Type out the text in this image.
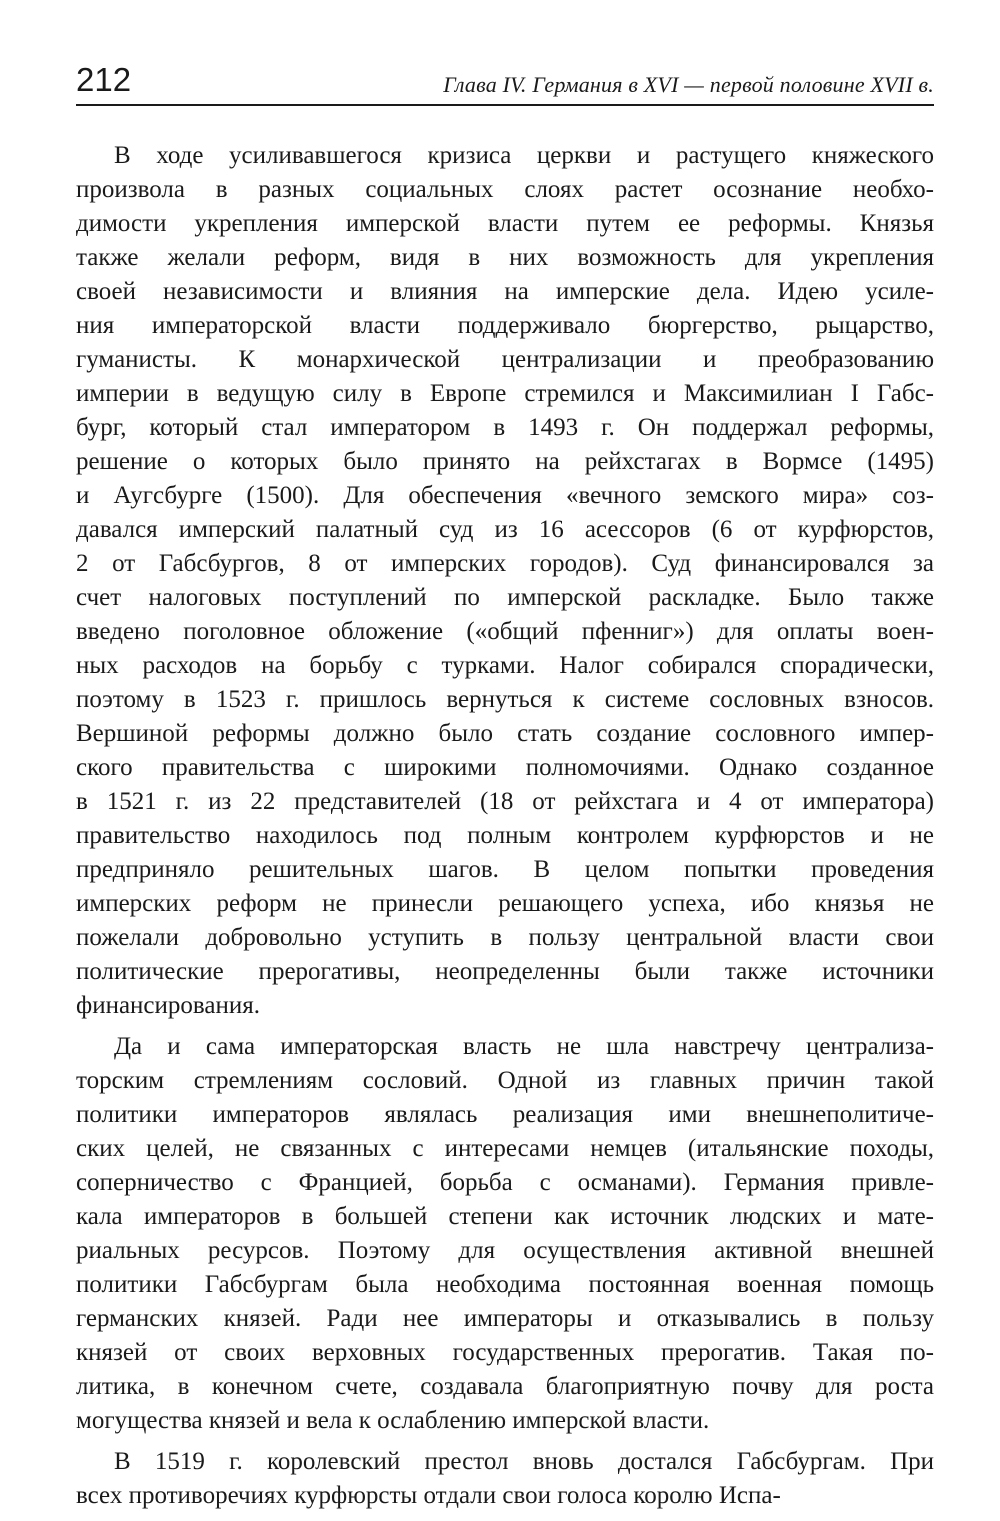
212	Глава IV. Германия в XVI — первой половине XVII в.
В ходе усиливавшегося кризиса церкви и растущего княжеского
произвола в разных социальных слоях растет осознание необхо-
димости укрепления имперской власти путем ее реформы. Князья
также желали реформ, видя в них возможность для укрепления
своей независимости и влияния на имперские дела. Идею усиле-
ния императорской власти поддерживало бюргерство, рыцарство,
гуманисты. К монархической централизации и преобразованию
империи в ведущую силу в Европе стремился и Максимилиан I Габс-
бург, который стал императором в 1493 г. Он поддержал реформы,
решение о которых было принято на рейхстагах в Вормсе (1495)
и Аугсбурге (1500). Для обеспечения «вечного земского мира» соз-
давался имперский палатный суд из 16 асессоров (6 от курфюрстов,
2 от Габсбургов, 8 от имперских городов). Суд финансировался за
счет налоговых поступлений по имперской раскладке. Было также
введено поголовное обложение («общий пфенниг») для оплаты воен-
ных расходов на борьбу с турками. Налог собирался спорадически,
поэтому в 1523 г. пришлось вернуться к системе сословных взносов.
Вершиной реформы должно было стать создание сословного импер-
ского правительства с широкими полномочиями. Однако созданное
в 1521 г. из 22 представителей (18 от рейхстага и 4 от императора)
правительство находилось под полным контролем курфюрстов и не
предприняло решительных шагов. В целом попытки проведения
имперских реформ не принесли решающего успеха, ибо князья не
пожелали добровольно уступить в пользу центральной власти свои
политические прерогативы, неопределенны были также источники
финансирования.
Да и сама императорская власть не шла навстречу централиза-
торским стремлениям сословий. Одной из главных причин такой
политики императоров являлась реализация ими внешнеполитиче-
ских целей, не связанных с интересами немцев (итальянские походы,
соперничество с Францией, борьба с османами). Германия привле-
кала императоров в большей степени как источник людских и мате-
риальных ресурсов. Поэтому для осуществления активной внешней
политики Габсбургам была необходима постоянная военная помощь
германских князей. Ради нее императоры и отказывались в пользу
князей от своих верховных государственных прерогатив. Такая по-
литика, в конечном счете, создавала благоприятную почву для роста
могущества князей и вела к ослаблению имперской власти.
В 1519 г. королевский престол вновь достался Габсбургам. При
всех противоречиях курфюрсты отдали свои голоса королю Испа-
